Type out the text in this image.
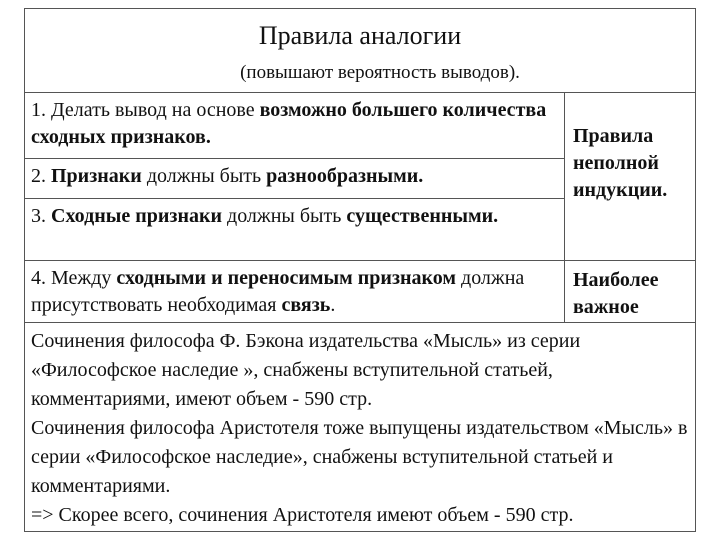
Правила аналогии
(повышают вероятность выводов).
1. Делать вывод на основе возможно большего количества сходных признаков.
2. Признаки должны быть разнообразными.
3. Сходные признаки должны быть существенными.
4. Между сходными и переносимым признаком должна присутствовать необходимая связь.
Правила неполной индукции.
Наиболее важное

Сочинения философа Ф. Бэкона издательства «Мысль» из серии «Философское наследие », снабжены вступительной статьей, комментариями, имеют объем - 590 стр.

Сочинения философа Аристотеля тоже выпущены издательством «Мысль» в серии «Философское наследие», снабжены вступительной статьей и комментариями.

=> Скорее всего, сочинения Аристотеля имеют объем - 590 стр.
